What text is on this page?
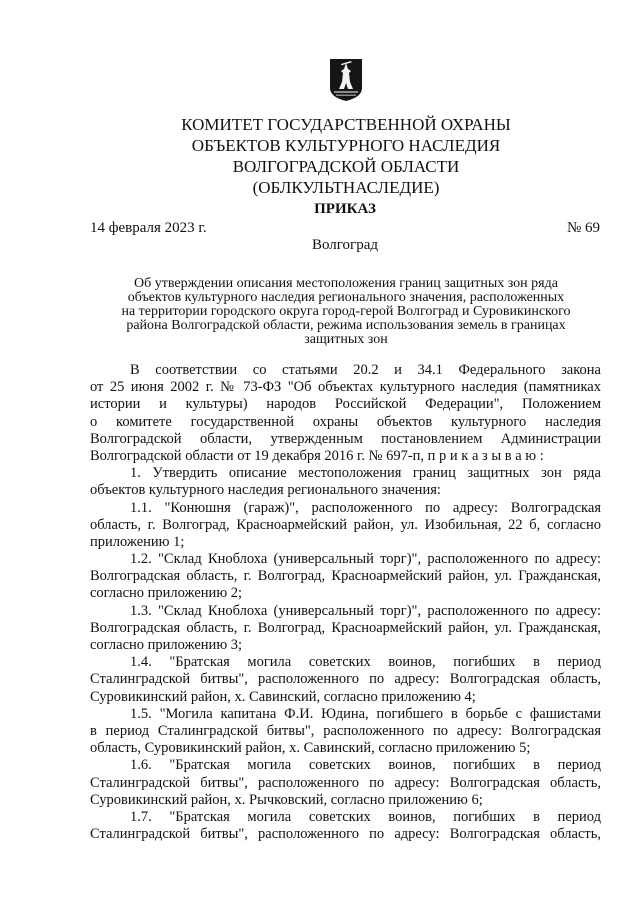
КОМИТЕТ ГОСУДАРСТВЕННОЙ ОХРАНЫ
ОБЪЕКТОВ КУЛЬТУРНОГО НАСЛЕДИЯ
ВОЛГОГРАДСКОЙ ОБЛАСТИ
(ОБЛКУЛЬТНАСЛЕДИЕ)
ПРИКАЗ
14 февраля 2023 г.	№ 69
Волгоград
Об утверждении описания местоположения границ защитных зон ряда
объектов культурного наследия регионального значения, расположенных
на территории городского округа город-герой Волгоград и Суровикинского
района Волгоградской области, режима использования земель в границах
защитных зон
В соответствии со статьями 20.2 и 34.1 Федерального закона
от 25 июня 2002 г. № 73-ФЗ "Об объектах культурного наследия (памятниках
истории и культуры) народов Российской Федерации", Положением
о комитете государственной охраны объектов культурного наследия
Волгоградской области, утвержденным постановлением Администрации
Волгоградской области от 19 декабря 2016 г. № 697-п, п р и к а з ы в а ю :
1. Утвердить описание местоположения границ защитных зон ряда
объектов культурного наследия регионального значения:
1.1. "Конюшня (гараж)", расположенного по адресу: Волгоградская
область, г. Волгоград, Красноармейский район, ул. Изобильная, 22 б, согласно
приложению 1;
1.2. "Склад Кноблоха (универсальный торг)", расположенного по адресу:
Волгоградская область, г. Волгоград, Красноармейский район, ул. Гражданская,
согласно приложению 2;
1.3. "Склад Кноблоха (универсальный торг)", расположенного по адресу:
Волгоградская область, г. Волгоград, Красноармейский район, ул. Гражданская,
согласно приложению 3;
1.4. "Братская могила советских воинов, погибших в период
Сталинградской битвы", расположенного по адресу: Волгоградская область,
Суровикинский район, х. Савинский, согласно приложению 4;
1.5. "Могила капитана Ф.И. Юдина, погибшего в борьбе с фашистами
в период Сталинградской битвы", расположенного по адресу: Волгоградская
область, Суровикинский район, х. Савинский, согласно приложению 5;
1.6. "Братская могила советских воинов, погибших в период
Сталинградской битвы", расположенного по адресу: Волгоградская область,
Суровикинский район, х. Рычковский, согласно приложению 6;
1.7. "Братская могила советских воинов, погибших в период
Сталинградской битвы", расположенного по адресу: Волгоградская область,
